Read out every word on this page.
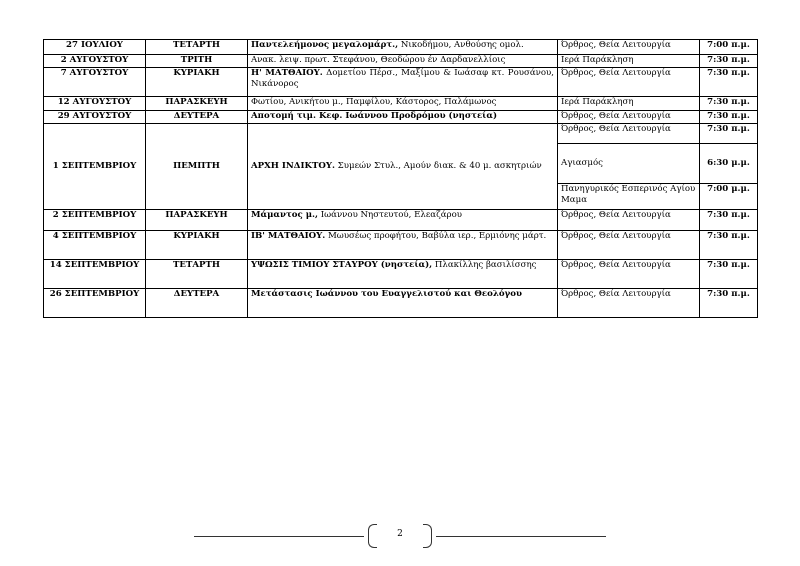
27 ΙΟΥΛΙΟΥ	ΤΕΤΑΡΤΗ	Παντελεήμονος μεγαλομάρτ., Νικοδήμου, Ανθούσης ομολ.	Όρθρος, Θεία Λειτουργία	7:00 π.μ.
2 ΑΥΓΟΥΣΤΟΥ	ΤΡΙΤΗ	Ανακ. λειψ. πρωτ. Στεφάνου, Θεοδώρου έν Δαρδανελλίοις	Ιερά Παράκληση	7:30 π.μ.
7 ΑΥΓΟΥΣΤΟΥ	ΚΥΡΙΑΚΗ	Η' ΜΑΤΘΑΙΟΥ. Δομετίου Πέρσ., Μαξίμου & Ιωάσαφ κτ. Ρουσάνου, Νικάνορος	Όρθρος, Θεία Λειτουργία	7:30 π.μ.
12 ΑΥΓΟΥΣΤΟΥ	ΠΑΡΑΣΚΕΥΗ	Φωτίου, Ανικήτου μ., Παμφίλου, Κάστορος, Παλάμωνος	Ιερά Παράκληση	7:30 π.μ.
29 ΑΥΓΟΥΣΤΟΥ	ΔΕΥΤΕΡΑ	Αποτομή τιμ. Κεφ. Ιωάννου Προδρόμου (νηστεία)	Όρθρος, Θεία Λειτουργία	7:30 π.μ.
1 ΣΕΠΤΕΜΒΡΙΟΥ	ΠΕΜΠΤΗ	ΑΡΧΗ ΙΝΔΙΚΤΟΥ. Συμεών Στυλ., Αμούν διακ. & 40 μ. ασκητριών	Όρθρος, Θεία Λειτουργία	7:30 π.μ.
			Αγιασμός	6:30 μ.μ.
			Πανηγυρικός Εσπερινός Αγίου Μαμα	7:00 μ.μ.
2 ΣΕΠΤΕΜΒΡΙΟΥ	ΠΑΡΑΣΚΕΥΗ	Μάμαντος μ., Ιωάννου Νηστευτού, Ελεαζάρου	Όρθρος, Θεία Λειτουργία	7:30 π.μ.
4 ΣΕΠΤΕΜΒΡΙΟΥ	ΚΥΡΙΑΚΗ	ΙΒ' ΜΑΤΘΑΙΟΥ. Μωυσέως προφήτου, Βαβύλα ιερ., Ερμιόνης μάρτ.	Όρθρος, Θεία Λειτουργία	7:30 π.μ.
14 ΣΕΠΤΕΜΒΡΙΟΥ	ΤΕΤΑΡΤΗ	ΥΨΩΣΙΣ ΤΙΜΙΟΥ ΣΤΑΥΡΟΥ (νηστεία), Πλακίλλης βασιλίσσης	Όρθρος, Θεία Λειτουργία	7:30 π.μ.
26 ΣΕΠΤΕΜΒΡΙΟΥ	ΔΕΥΤΕΡΑ	Μετάστασις Ιωάννου του Ευαγγελιστού και Θεολόγου	Όρθρος, Θεία Λειτουργία	7:30 π.μ.
2
